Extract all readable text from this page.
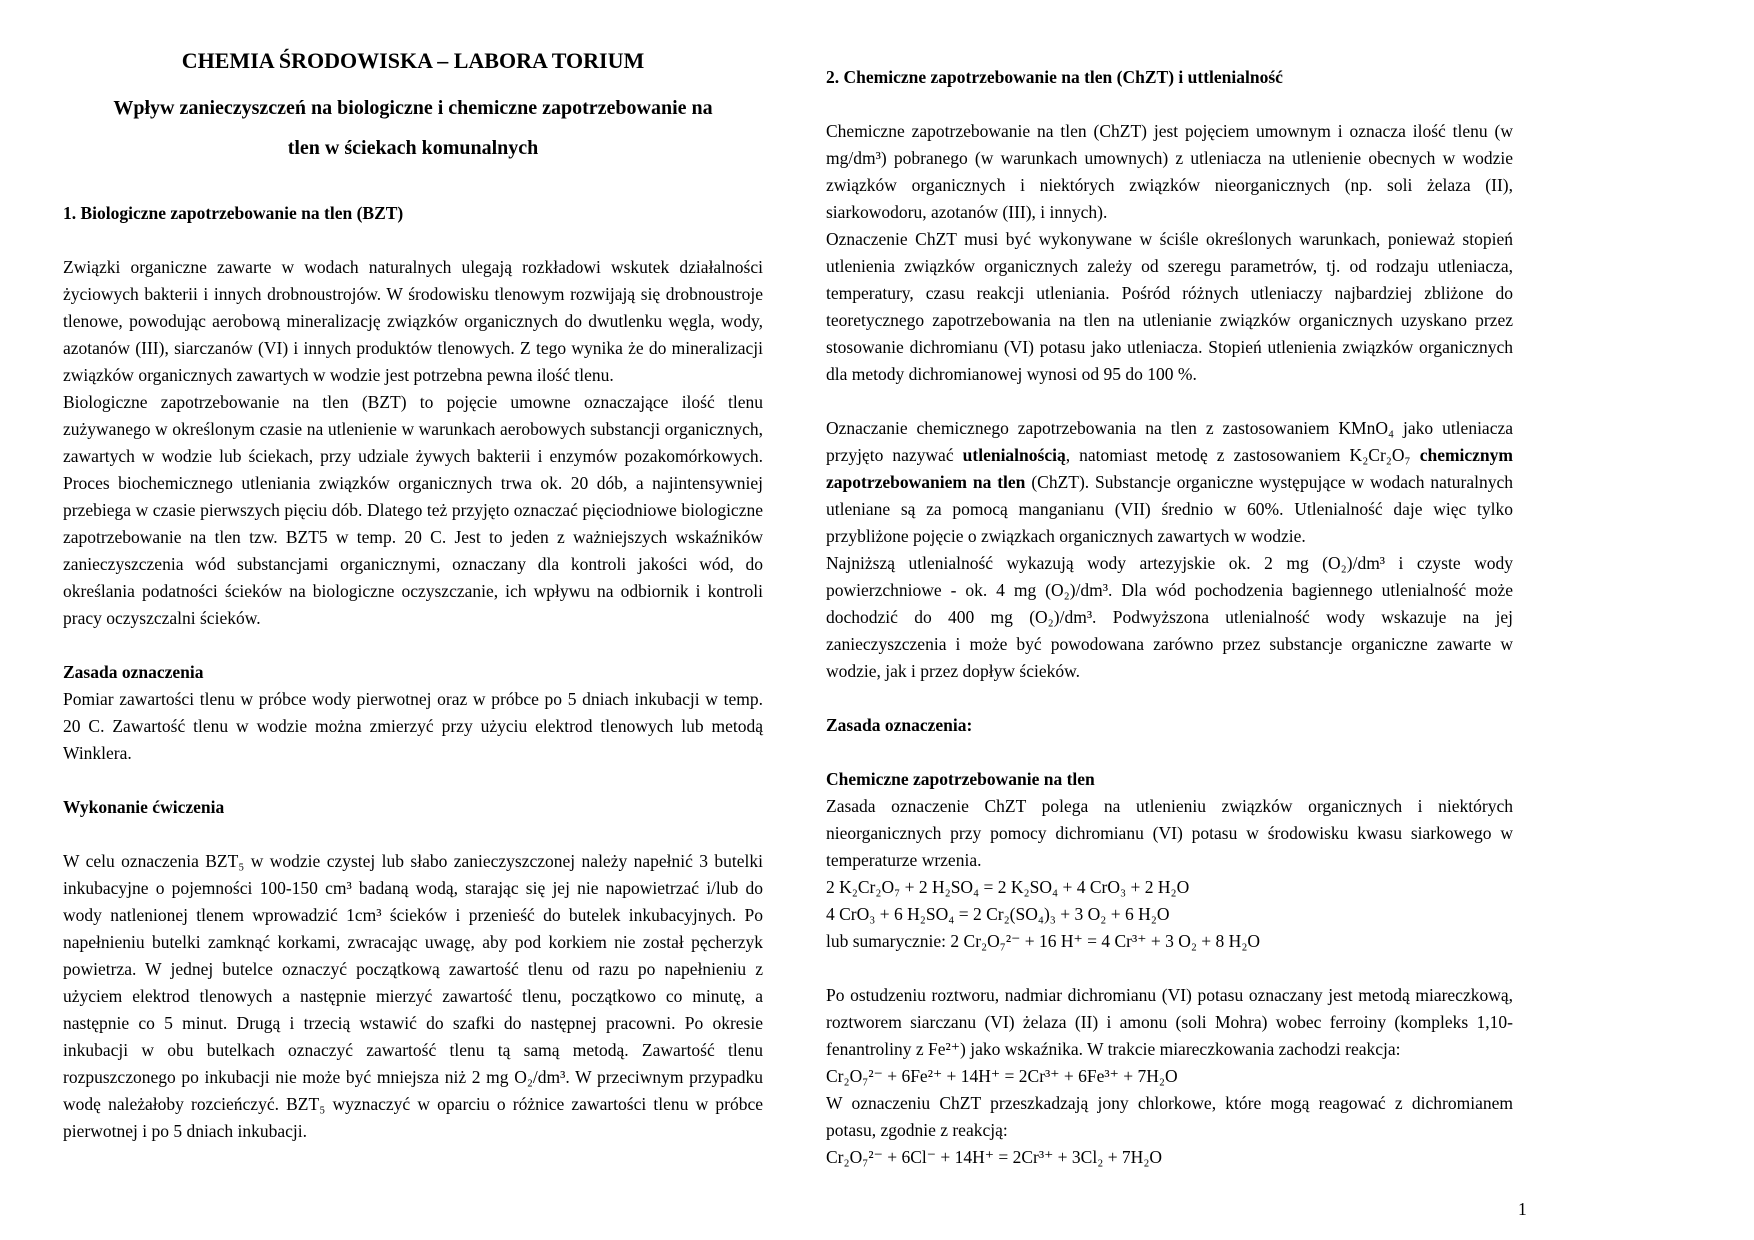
CHEMIA ŚRODOWISKA – LABORA TORIUM
Wpływ zanieczyszczeń na biologiczne i chemiczne zapotrzebowanie na
tlen w ściekach komunalnych
1. Biologiczne zapotrzebowanie na tlen (BZT)

Związki organiczne zawarte w wodach naturalnych ulegają rozkładowi wskutek działalności życiowych bakterii i innych drobnoustrojów. W środowisku tlenowym rozwijają się drobnoustroje tlenowe, powodując aerobową mineralizację związków organicznych do dwutlenku węgla, wody, azotanów (III), siarczanów (VI) i innych produktów tlenowych. Z tego wynika że do mineralizacji związków organicznych zawartych w wodzie jest potrzebna pewna ilość tlenu.

Biologiczne zapotrzebowanie na tlen (BZT) to pojęcie umowne oznaczające ilość tlenu zużywanego w określonym czasie na utlenienie w warunkach aerobowych substancji organicznych, zawartych w wodzie lub ściekach, przy udziale żywych bakterii i enzymów pozakomórkowych. Proces biochemicznego utleniania związków organicznych trwa ok. 20 dób, a najintensywniej przebiega w czasie pierwszych pięciu dób. Dlatego też przyjęto oznaczać pięciodniowe biologiczne zapotrzebowanie na tlen tzw. BZT5 w temp. 20 C. Jest to jeden z ważniejszych wskaźników zanieczyszczenia wód substancjami organicznymi, oznaczany dla kontroli jakości wód, do określania podatności ścieków na biologiczne oczyszczanie, ich wpływu na odbiornik i kontroli pracy oczyszczalni ścieków.

Zasada oznaczenia

Pomiar zawartości tlenu w próbce wody pierwotnej oraz w próbce po 5 dniach inkubacji w temp. 20 C. Zawartość tlenu w wodzie można zmierzyć przy użyciu elektrod tlenowych lub metodą Winklera.

Wykonanie ćwiczenia

W celu oznaczenia BZT₅ w wodzie czystej lub słabo zanieczyszczonej należy napełnić 3 butelki inkubacyjne o pojemności 100-150 cm³ badaną wodą, starając się jej nie napowietrzać i/lub do wody natlenionej tlenem wprowadzić 1cm³ ścieków i przenieść do butelek inkubacyjnych. Po napełnieniu butelki zamknąć korkami, zwracając uwagę, aby pod korkiem nie został pęcherzyk powietrza. W jednej butelce oznaczyć początkową zawartość tlenu od razu po napełnieniu z użyciem elektrod tlenowych a następnie mierzyć zawartość tlenu, początkowo co minutę, a następnie co 5 minut. Drugą i trzecią wstawić do szafki do następnej pracowni. Po okresie inkubacji w obu butelkach oznaczyć zawartość tlenu tą samą metodą. Zawartość tlenu rozpuszczonego po inkubacji nie może być mniejsza niż 2 mg O₂/dm³. W przeciwnym przypadku wodę należałoby rozcieńczyć. BZT₅ wyznaczyć w oparciu o różnice zawartości tlenu w próbce pierwotnej i po 5 dniach inkubacji.

2. Chemiczne zapotrzebowanie na tlen (ChZT) i uttlenialność

Chemiczne zapotrzebowanie na tlen (ChZT) jest pojęciem umownym i oznacza ilość tlenu (w mg/dm³) pobranego (w warunkach umownych) z utleniacza na utlenienie obecnych w wodzie związków organicznych i niektórych związków nieorganicznych (np. soli żelaza (II), siarkowodoru, azotanów (III), i innych).

Oznaczenie ChZT musi być wykonywane w ściśle określonych warunkach, ponieważ stopień utlenienia związków organicznych zależy od szeregu parametrów, tj. od rodzaju utleniacza, temperatury, czasu reakcji utleniania. Pośród różnych utleniaczy najbardziej zbliżone do teoretycznego zapotrzebowania na tlen na utlenianie związków organicznych uzyskano przez stosowanie dichromianu (VI) potasu jako utleniacza. Stopień utlenienia związków organicznych dla metody dichromianowej wynosi od 95 do 100 %.

Oznaczanie chemicznego zapotrzebowania na tlen z zastosowaniem KMnO₄ jako utleniacza przyjęto nazywać utlenialnością, natomiast metodę z zastosowaniem K₂Cr₂O₇ chemicznym zapotrzebowaniem na tlen (ChZT). Substancje organiczne występujące w wodach naturalnych utleniane są za pomocą manganianu (VII) średnio w 60%. Utlenialność daje więc tylko przybliżone pojęcie o związkach organicznych zawartych w wodzie.

Najniższą utlenialność wykazują wody artezyjskie ok. 2 mg (O₂)/dm³ i czyste wody powierzchniowe - ok. 4 mg (O₂)/dm³. Dla wód pochodzenia bagiennego utlenialność może dochodzić do 400 mg (O₂)/dm³. Podwyższona utlenialność wody wskazuje na jej zanieczyszczenia i może być powodowana zarówno przez substancje organiczne zawarte w wodzie, jak i przez dopływ ścieków.

Zasada oznaczenia:
Chemiczne zapotrzebowanie na tlen

Zasada oznaczenie ChZT polega na utlenieniu związków organicznych i niektórych nieorganicznych przy pomocy dichromianu (VI) potasu w środowisku kwasu siarkowego w temperaturze wrzenia.

2 K₂Cr₂O₇ + 2 H₂SO₄ = 2 K₂SO₄ + 4 CrO₃ + 2 H₂O

4 CrO₃ + 6 H₂SO₄ = 2 Cr₂(SO₄)₃ + 3 O₂ + 6 H₂O

lub sumarycznie: 2 Cr₂O₇²⁻ + 16 H⁺ = 4 Cr³⁺ + 3 O₂ + 8 H₂O

Po ostudzeniu roztworu, nadmiar dichromianu (VI) potasu oznaczany jest metodą miareczkową, roztworem siarczanu (VI) żelaza (II) i amonu (soli Mohra) wobec ferroiny (kompleks 1,10-fenantroliny z Fe²⁺) jako wskaźnika. W trakcie miareczkowania zachodzi reakcja:

Cr₂O₇²⁻ + 6Fe²⁺ + 14H⁺ = 2Cr³⁺ + 6Fe³⁺ + 7H₂O

W oznaczeniu ChZT przeszkadzają jony chlorkowe, które mogą reagować z dichromianem potasu, zgodnie z reakcją:

Cr₂O₇²⁻ + 6Cl⁻ + 14H⁺ = 2Cr³⁺ + 3Cl₂ + 7H₂O

1
